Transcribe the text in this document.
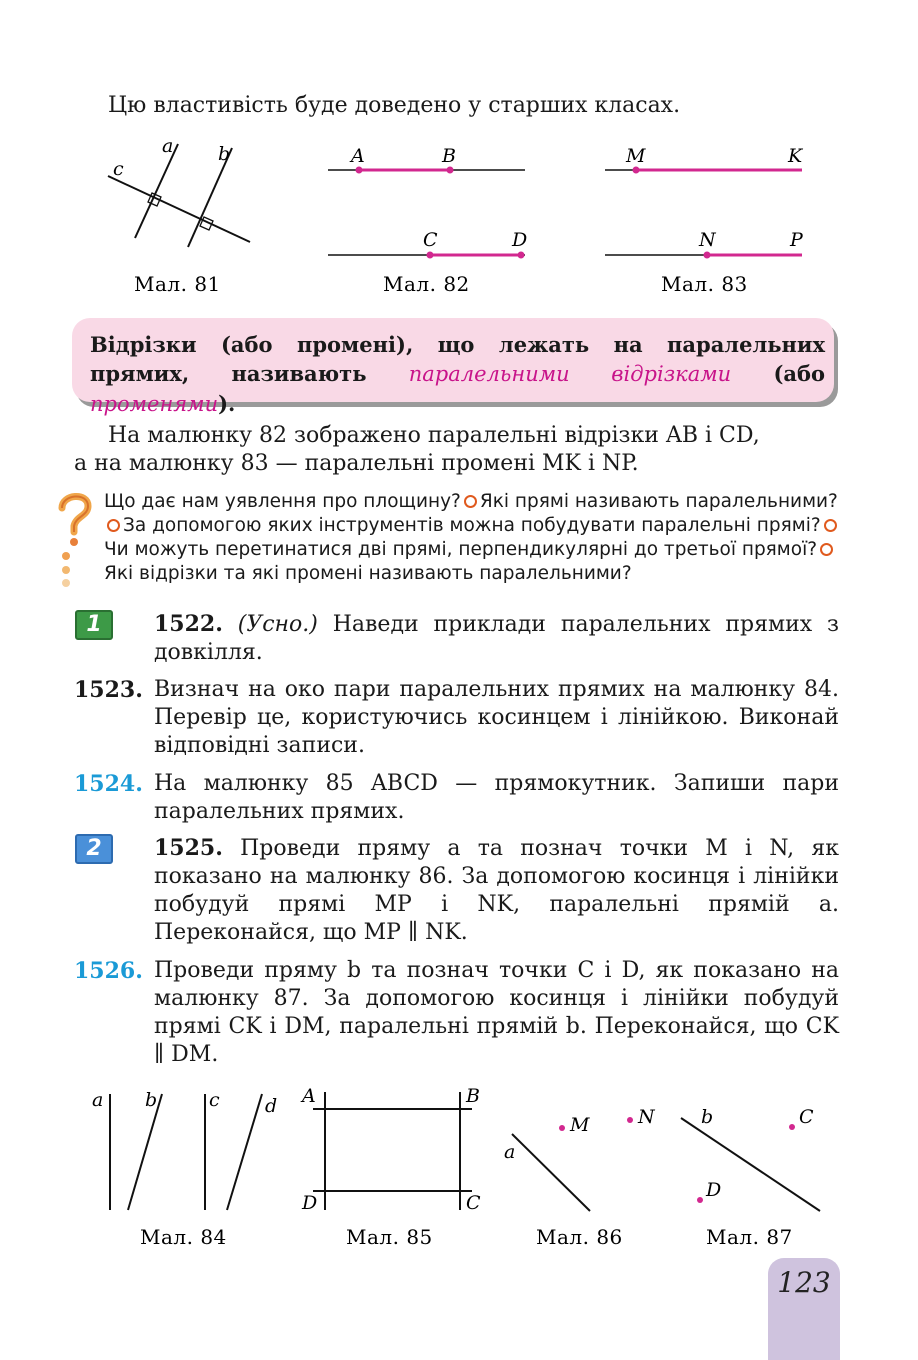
Цю властивість буде доведено у старших класах.
a b
c
Мал. 81
A	B
C	D
Мал. 82
M	K
N	P
Мал. 83
Відрізки (або промені), що лежать на паралельних прямих, називають паралельними відрізками (або променями).
На малюнку 82 зображено паралельні відрізки AB і CD,
а на малюнку 83 — паралельні промені MK і NP.
Що дає нам уявлення про площину? Які прямі називають паралельними?За допомогою яких інструментів можна побудувати паралельні прямі?Чи можуть перетинатися дві прямі, перпендикулярні до третьої прямої?Які відрізки та які промені називають паралельними?
1	1522. (Усно.) Наведи приклади паралельних прямих з довкілля.
1523. Визнач на око пари паралельних прямих на малюнку 84. Перевір це, користуючись косинцем і лінійкою. Виконай відповідні записи.
1524. На малюнку 85 ABCD — прямокутник. Запиши пари паралельних прямих.
2	1525. Проведи пряму a та познач точки M і N, як показано на малюнку 86. За допомогою косинця і лінійки побудуй прямі MP і NK, паралельні прямій a. Переконайся, що MP ∥ NK.
1526. Проведи пряму b та познач точки C і D, як показано на малюнку 87. За допомогою косинця і лінійки побудуй прямі CK і DM, паралельні прямій b. Переконайся, що CK ∥ DM.
a b	c d
Мал. 84
A	B
C
D
Мал. 85
M	N
a
Мал. 86
b	C
D
Мал. 87
123
